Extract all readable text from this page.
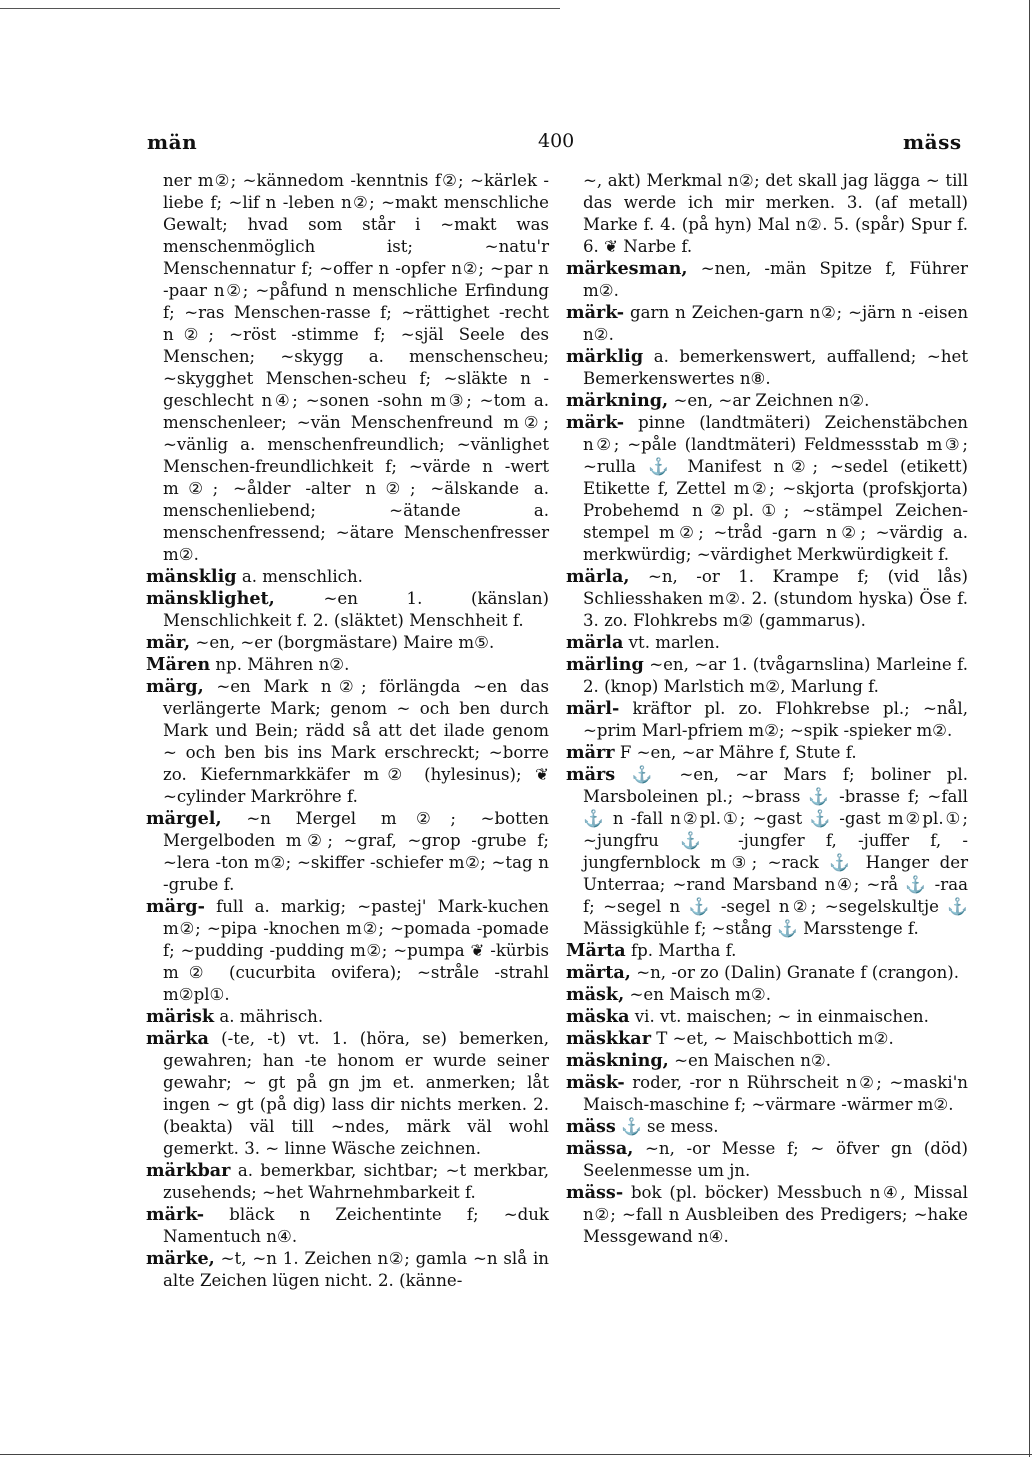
män	400	mäss

ner m②; ~kännedom -kenntnis f②; ~kärlek -liebe f; ~lif n -leben n②; ~makt menschliche Gewalt; hvad som står i ~makt was menschenmöglich ist; ~natu'r Menschennatur f; ~offer n -opfer n②; ~par n -paar n②; ~påfund n menschliche Erfindung f; ~ras Menschen-rasse f; ~rättighet -recht n②; ~röst -stimme f; ~själ Seele des Menschen; ~skygg a. menschenscheu; ~skygghet Menschen-scheu f; ~släkte n -geschlecht n④; ~sonen -sohn m③; ~tom a. menschenleer; ~vän Menschenfreund m②; ~vänlig a. menschenfreundlich; ~vänlighet Menschen-freundlichkeit f; ~värde n -wert m②; ~ålder -alter n②; ~älskande a. menschenliebend; ~ätande a. menschenfressend; ~ätare Menschenfresser m②.

mänsklig a. menschlich.

mänsklighet,	~en 1. (känslan) Menschlichkeit f. 2. (släktet) Menschheit f.

mär, ~en, ~er (borgmästare) Maire m⑤.

Mären np. Mähren n②.

märg, ~en Mark n②; förlängda ~en das verlängerte Mark; genom ~ och ben durch Mark und Bein; rädd så att det ilade genom ~ och ben bis ins Mark erschreckt; ~borre zo. Kiefernmarkkäfer m② (hylesinus); ❦ ~cylinder Markröhre f.

märgel, ~n Mergel m②; ~botten Mergelboden m②; ~graf, ~grop -grube f; ~lera -ton m②; ~skiffer -schiefer m②; ~tag n -grube f.

märg- full a. markig; ~pastej' Mark-kuchen m②; ~pipa -knochen m②; ~pomada -pomade f; ~pudding -pudding m②; ~pumpa ❦ -kürbis m② (cucurbita ovifera); ~stråle -strahl m②pl①.

märisk a. mährisch.

märka (-te, -t) vt. 1. (höra, se) bemerken, gewahren; han -te honom er wurde seiner gewahr; ~ gt på gn jm et. anmerken; låt ingen ~ gt (på dig) lass dir nichts merken. 2. (beakta) väl till ~ndes, märk väl wohl gemerkt. 3. ~ linne Wäsche zeichnen.

märkbar a. bemerkbar, sichtbar; ~t merkbar, zusehends; ~het Wahrnehmbarkeit f.

märk- bläck n Zeichentinte f; ~duk Namentuch n④.

märke, ~t, ~n 1. Zeichen n②; gamla ~n slå in alte Zeichen lügen nicht. 2. (känne-

~, akt) Merkmal n②; det skall jag lägga ~ till das werde ich mir merken. 3. (af metall) Marke f. 4. (på hyn) Mal n②. 5. (spår) Spur f. 6. ❦ Narbe f.

märkesman, ~nen, -män Spitze f, Führer m②.

märk- garn n Zeichen-garn n②; ~järn n -eisen n②.

märklig a. bemerkenswert, auffallend; ~het Bemerkenswertes n⑧.

märkning, ~en, ~ar Zeichnen n②.

märk- pinne (landtmäteri) Zeichenstäbchen n②; ~påle (landtmäteri) Feldmessstab m③; ~rulla ⚓ Manifest n②; ~sedel (etikett) Etikette f, Zettel m②; ~skjorta (profskjorta) Probehemd n②pl.①; ~stämpel Zeichen-stempel m②; ~tråd -garn n②; ~värdig a. merkwürdig; ~värdighet Merkwürdigkeit f.

märla, ~n, -or 1. Krampe f; (vid lås) Schliesshaken m②. 2. (stundom hyska) Öse f. 3. zo. Flohkrebs m② (gammarus).

märla vt. marlen.

märling ~en, ~ar 1. (tvågarnslina) Marleine f. 2. (knop) Marlstich m②, Marlung f.

märl- kräftor pl. zo. Flohkrebse pl.; ~nål, ~prim Marl-pfriem m②; ~spik -spieker m②.

märr F ~en, ~ar Mähre f, Stute f.

märs ⚓ ~en, ~ar Mars f; boliner pl. Marsboleinen pl.; ~brass ⚓ -brasse f; ~fall ⚓ n -fall n②pl.①; ~gast ⚓ -gast m②pl.①; ~jungfru ⚓ -jungfer f, -juffer f, -jungfernblock m③; ~rack ⚓ Hanger der Unterraa; ~rand Marsband n④; ~rå ⚓ -raa f; ~segel n ⚓ -segel n②; ~segelskultje ⚓ Mässigkühle f; ~stång ⚓ Marsstenge f.

Märta fp. Martha f.

märta, ~n, -or zo (Dalin) Granate f (crangon).

mäsk, ~en Maisch m②.

mäska vi. vt. maischen; ~ in einmaischen.

mäskkar T ~et, ~ Maischbottich m②.

mäskning, ~en Maischen n②.

mäsk- roder, -ror n Rührscheit n②; ~maski'n Maisch-maschine f; ~värmare -wärmer m②.

mäss ⚓ se mess.

mässa, ~n, -or Messe f; ~ öfver gn (död) Seelenmesse um jn.

mäss- bok (pl. böcker) Messbuch n④, Missal n②; ~fall n Ausbleiben des Predigers; ~hake Messgewand n④.
